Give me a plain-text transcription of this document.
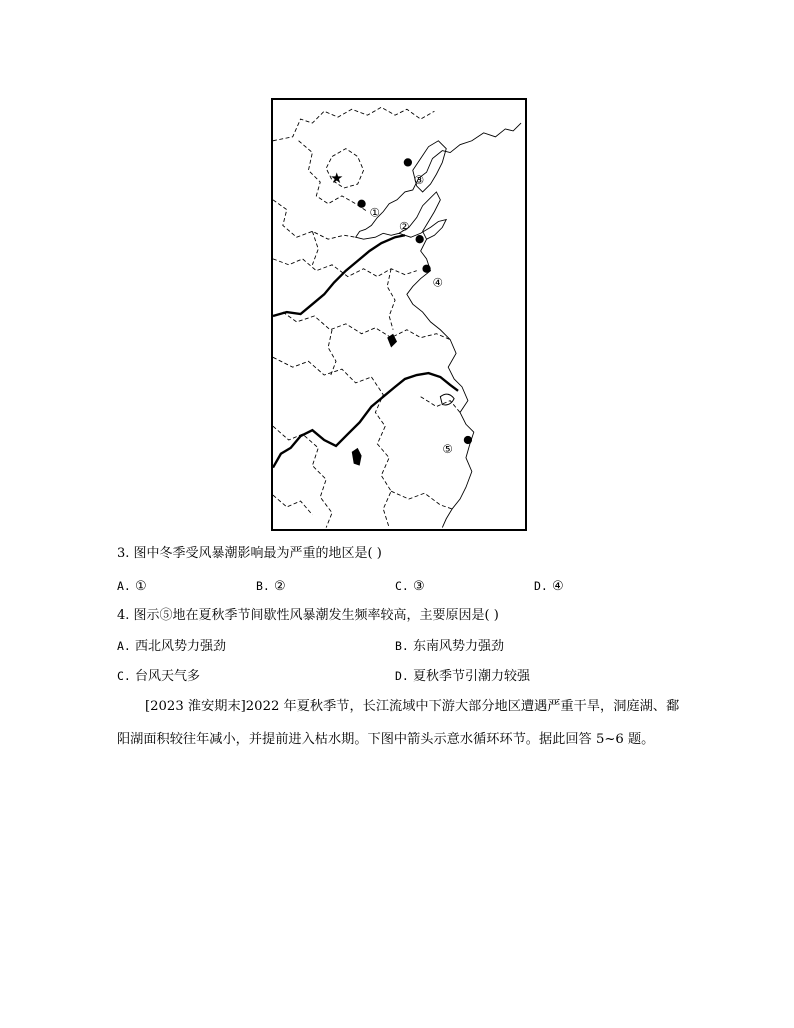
★
①
②
③
④
⑤
3. 图中冬季受风暴潮影响最为严重的地区是( )
A. ①	B. ②	C. ③	D. ④
4. 图示⑤地在夏秋季节间歇性风暴潮发生频率较高，主要原因是( )
A. 西北风势力强劲	B. 东南风势力强劲
C. 台风天气多	D. 夏秋季节引潮力较强
[2023 淮安期末]2022 年夏秋季节，长江流域中下游大部分地区遭遇严重干旱，洞庭湖、鄱
阳湖面积较往年减小，并提前进入枯水期。下图中箭头示意水循环环节。据此回答 5~6 题。
